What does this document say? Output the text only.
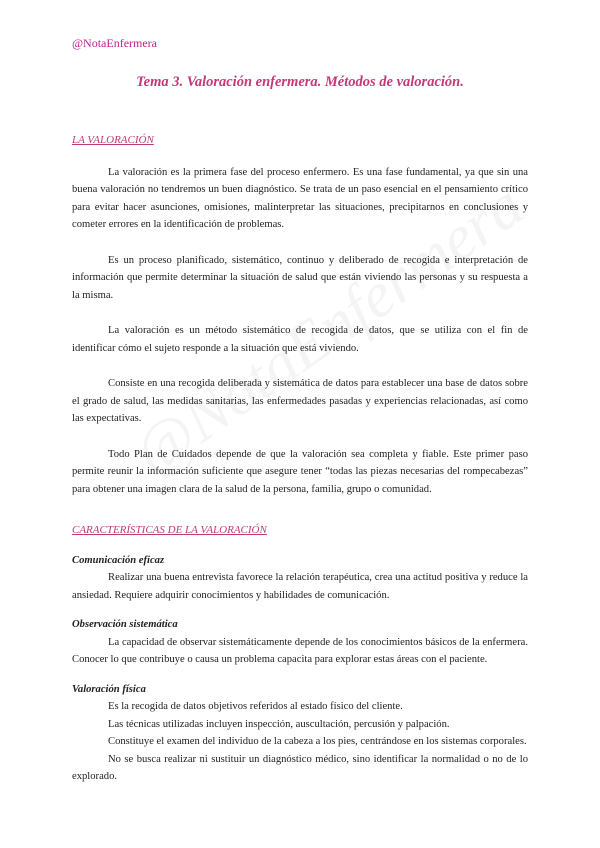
@NotaEnfermera
Tema 3. Valoración enfermera. Métodos de valoración.
LA VALORACIÓN

La valoración es la primera fase del proceso enfermero. Es una fase fundamental, ya que sin una buena valoración no tendremos un buen diagnóstico. Se trata de un paso esencial en el pensamiento crítico para evitar hacer asunciones, omisiones, malinterpretar las situaciones, precipitarnos en conclusiones y cometer errores en la identificación de problemas.

Es un proceso planificado, sistemático, continuo y deliberado de recogida e interpretación de información que permite determinar la situación de salud que están viviendo las personas y su respuesta a la misma.

La valoración es un método sistemático de recogida de datos, que se utiliza con el fin de identificar cómo el sujeto responde a la situación que está viviendo.

Consiste en una recogida deliberada y sistemática de datos para establecer una base de datos sobre el grado de salud, las medidas sanitarias, las enfermedades pasadas y experiencias relacionadas, así como las expectativas.

Todo Plan de Cuidados depende de que la valoración sea completa y fiable. Este primer paso permite reunir la información suficiente que asegure tener “todas las piezas necesarias del rompecabezas” para obtener una imagen clara de la salud de la persona, familia, grupo o comunidad.

CARACTERÍSTICAS DE LA VALORACIÓN

Comunicación eficaz

Realizar una buena entrevista favorece la relación terapéutica, crea una actitud positiva y reduce la ansiedad. Requiere adquirir conocimientos y habilidades de comunicación.

Observación sistemática

La capacidad de observar sistemáticamente depende de los conocimientos básicos de la enfermera. Conocer lo que contribuye o causa un problema capacita para explorar estas áreas con el paciente.

Valoración física

Es la recogida de datos objetivos referidos al estado físico del cliente.

Las técnicas utilizadas incluyen inspección, auscultación, percusión y palpación.

Constituye el examen del individuo de la cabeza a los pies, centrándose en los sistemas corporales.

No se busca realizar ni sustituir un diagnóstico médico, sino identificar la normalidad o no de lo explorado.
